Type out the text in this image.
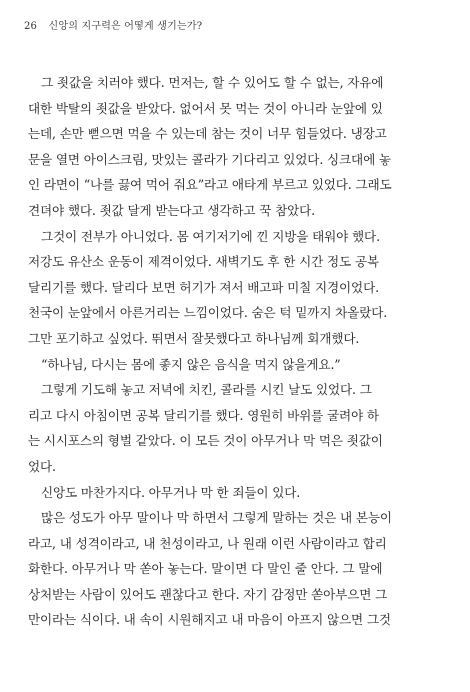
26 신앙의 지구력은 어떻게 생기는가?
그 죗값을 치러야 했다. 먼저는, 할 수 있어도 할 수 없는, 자유에
대한 박탈의 죗값을 받았다. 없어서 못 먹는 것이 아니라 눈앞에 있
는데, 손만 뻗으면 먹을 수 있는데 참는 것이 너무 힘들었다. 냉장고
문을 열면 아이스크림, 맛있는 콜라가 기다리고 있었다. 싱크대에 놓
인 라면이 “나를 끓여 먹어 줘요”라고 애타게 부르고 있었다. 그래도
견뎌야 했다. 죗값 달게 받는다고 생각하고 꾹 참았다.
그것이 전부가 아니었다. 몸 여기저기에 낀 지방을 태워야 했다.
저강도 유산소 운동이 제격이었다. 새벽기도 후 한 시간 정도 공복
달리기를 했다. 달리다 보면 허기가 져서 배고파 미칠 지경이었다.
천국이 눈앞에서 아른거리는 느낌이었다. 숨은 턱 밑까지 차올랐다.
그만 포기하고 싶었다. 뛰면서 잘못했다고 하나님께 회개했다.
“하나님, 다시는 몸에 좋지 않은 음식을 먹지 않을게요.”
그렇게 기도해 놓고 저녁에 치킨, 콜라를 시킨 날도 있었다. 그
리고 다시 아침이면 공복 달리기를 했다. 영원히 바위를 굴려야 하
는 시시포스의 형벌 같았다. 이 모든 것이 아무거나 막 먹은 죗값이
었다.
신앙도 마찬가지다. 아무거나 막 한 죄들이 있다.
많은 성도가 아무 말이나 막 하면서 그렇게 말하는 것은 내 본능이
라고, 내 성격이라고, 내 천성이라고, 나 원래 이런 사람이라고 합리
화한다. 아무거나 막 쏟아 놓는다. 말이면 다 말인 줄 안다. 그 말에
상처받는 사람이 있어도 괜찮다고 한다. 자기 감정만 쏟아부으면 그
만이라는 식이다. 내 속이 시원해지고 내 마음이 아프지 않으면 그것
